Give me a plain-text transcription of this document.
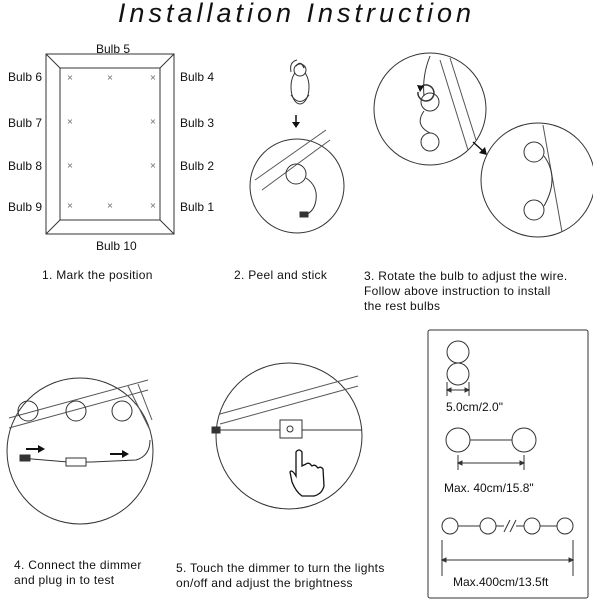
Installation Instruction
×	×	×
×	×
×	×
×	×	×
Bulb 5
Bulb 6
Bulb 7
Bulb 8
Bulb 9
Bulb 4
Bulb 3
Bulb 2
Bulb 1
Bulb 10
1. Mark the position	2. Peel and stick	3. Rotate the bulb to adjust the wire.
Follow above instruction to install
the rest bulbs
4. Connect the dimmer
and plug in to test
5. Touch the dimmer to turn the lights
on/off and adjust the brightness
5.0cm/2.0"
Max. 40cm/15.8"
Max.400cm/13.5ft
